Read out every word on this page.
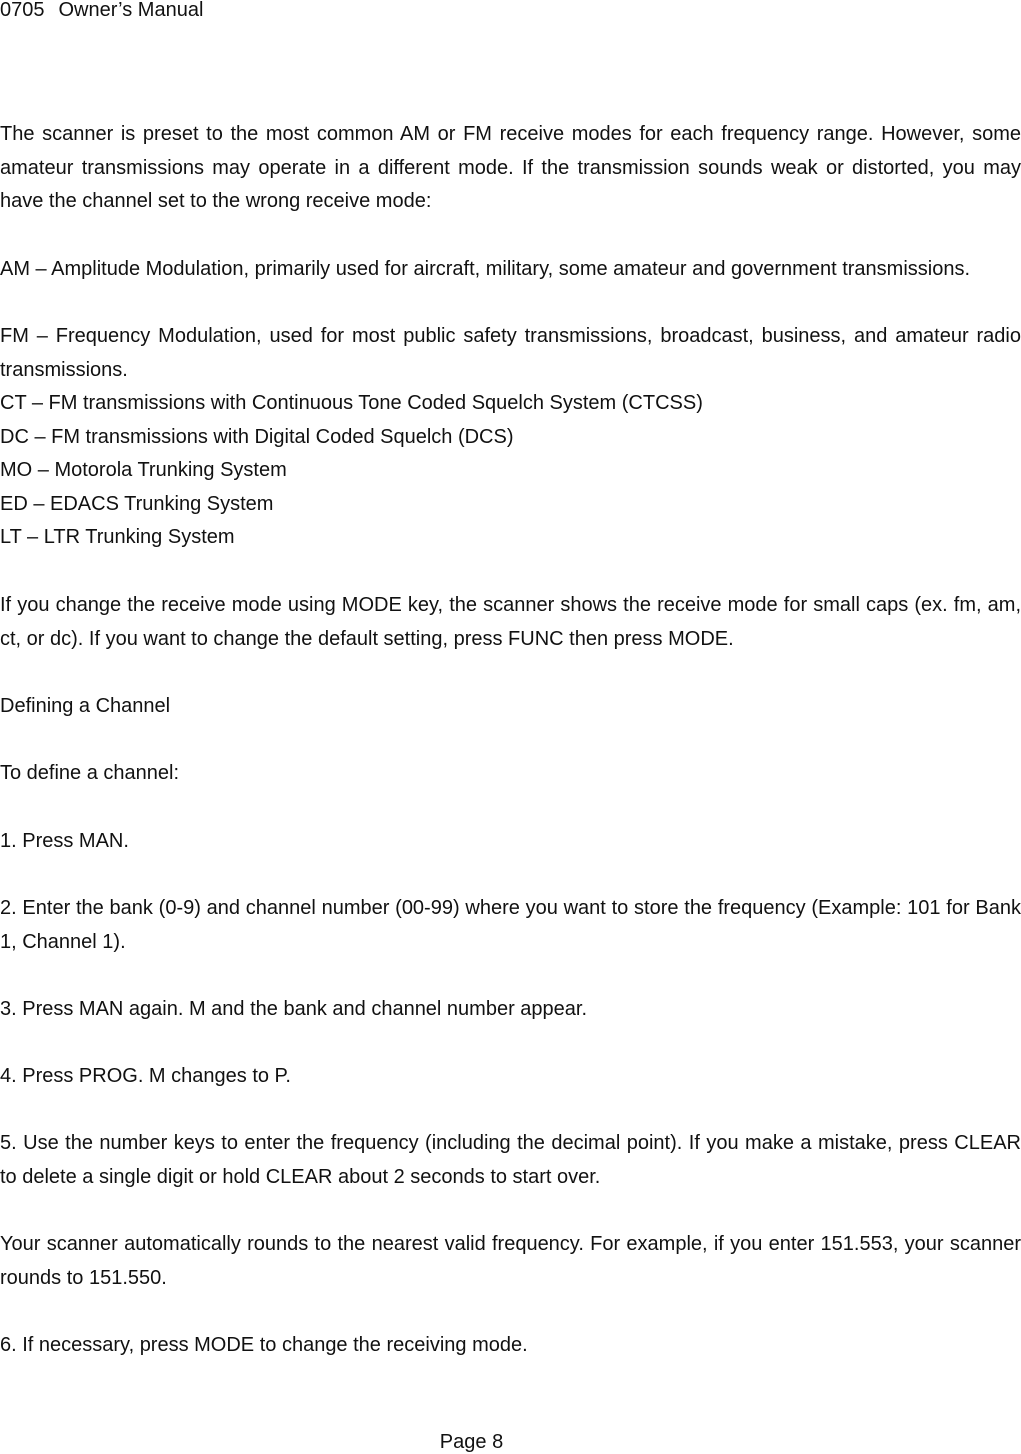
0705 Owner’s Manual

The scanner is preset to the most common AM or FM receive modes for each frequency range. However, some amateur transmissions may operate in a different mode. If the transmission sounds weak or distorted, you may have the channel set to the wrong receive mode:

AM – Amplitude Modulation, primarily used for aircraft, military, some amateur and government transmissions.

FM – Frequency Modulation, used for most public safety transmissions, broadcast, business, and amateur radio transmissions.

CT – FM transmissions with Continuous Tone Coded Squelch System (CTCSS)

DC – FM transmissions with Digital Coded Squelch (DCS)

MO – Motorola Trunking System

ED – EDACS Trunking System

LT – LTR Trunking System

If you change the receive mode using MODE key, the scanner shows the receive mode for small caps (ex. fm, am, ct, or dc). If you want to change the default setting, press FUNC then press MODE.

Defining a Channel

To define a channel:

1. Press MAN.

2. Enter the bank (0-9) and channel number (00-99) where you want to store the frequency (Example: 101 for Bank 1, Channel 1).

3. Press MAN again. M and the bank and channel number appear.

4. Press PROG. M changes to P.

5. Use the number keys to enter the frequency (including the decimal point). If you make a mistake, press CLEAR to delete a single digit or hold CLEAR about 2 seconds to start over.

Your scanner automatically rounds to the nearest valid frequency. For example, if you enter 151.553, your scanner rounds to 151.550.

6. If necessary, press MODE to change the receiving mode.

Page 8
